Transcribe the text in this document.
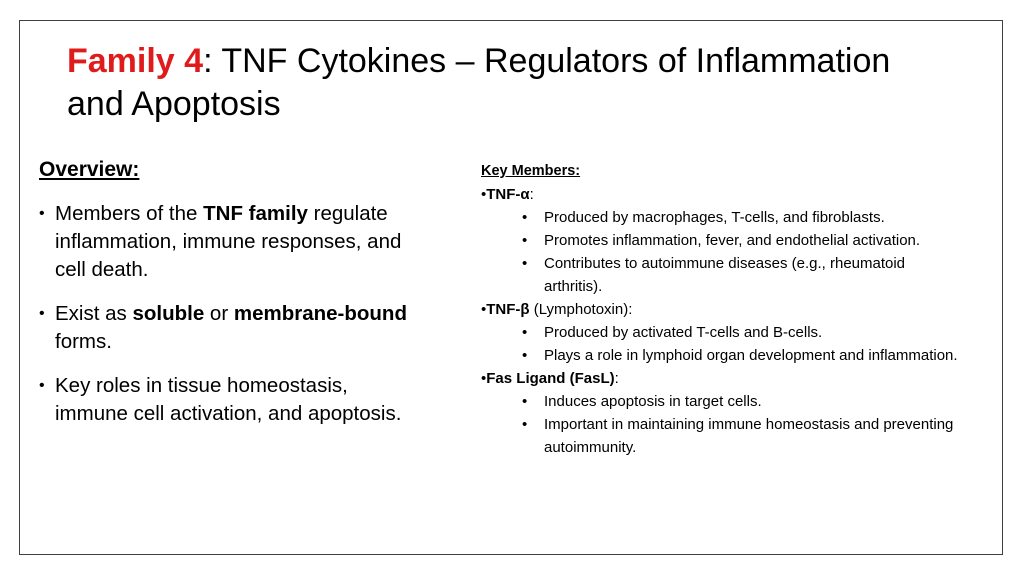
Family 4: TNF Cytokines – Regulators of Inflammation and Apoptosis
Overview:
• Members of the TNF family regulate inflammation, immune responses, and cell death.
• Exist as soluble or membrane-bound forms.
• Key roles in tissue homeostasis, immune cell activation, and apoptosis.
Key Members:
•TNF-α:
• Produced by macrophages, T-cells, and fibroblasts.
• Promotes inflammation, fever, and endothelial activation.
• Contributes to autoimmune diseases (e.g., rheumatoid arthritis).
•TNF-β (Lymphotoxin):
• Produced by activated T-cells and B-cells.
• Plays a role in lymphoid organ development and inflammation.
•Fas Ligand (FasL):
• Induces apoptosis in target cells.
• Important in maintaining immune homeostasis and preventing autoimmunity.
